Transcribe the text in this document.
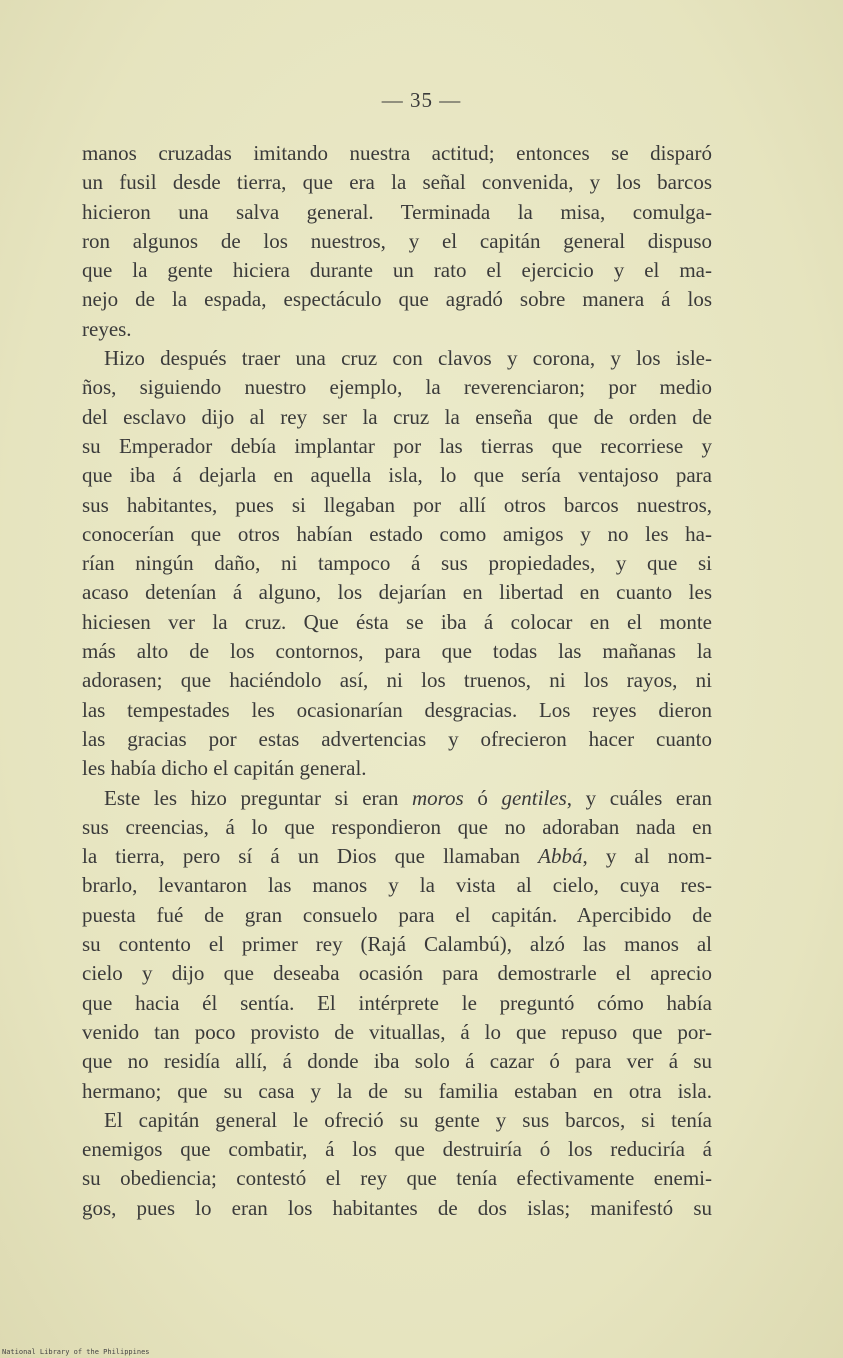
— 35 —
manos cruzadas imitando nuestra actitud; entonces se disparó
un fusil desde tierra, que era la señal convenida, y los barcos
hicieron una salva general. Terminada la misa, comulga-
ron algunos de los nuestros, y el capitán general dispuso
que la gente hiciera durante un rato el ejercicio y el ma-
nejo de la espada, espectáculo que agradó sobre manera á los
reyes.
Hizo después traer una cruz con clavos y corona, y los isle-
ños, siguiendo nuestro ejemplo, la reverenciaron; por medio
del esclavo dijo al rey ser la cruz la enseña que de orden de
su Emperador debía implantar por las tierras que recorriese y
que iba á dejarla en aquella isla, lo que sería ventajoso para
sus habitantes, pues si llegaban por allí otros barcos nuestros,
conocerían que otros habían estado como amigos y no les ha-
rían ningún daño, ni tampoco á sus propiedades, y que si
acaso detenían á alguno, los dejarían en libertad en cuanto les
hiciesen ver la cruz. Que ésta se iba á colocar en el monte
más alto de los contornos, para que todas las mañanas la
adorasen; que haciéndolo así, ni los truenos, ni los rayos, ni
las tempestades les ocasionarían desgracias. Los reyes dieron
las gracias por estas advertencias y ofrecieron hacer cuanto
les había dicho el capitán general.
Este les hizo preguntar si eran moros ó gentiles, y cuáles eran
sus creencias, á lo que respondieron que no adoraban nada en
la tierra, pero sí á un Dios que llamaban Abbá, y al nom-
brarlo, levantaron las manos y la vista al cielo, cuya res-
puesta fué de gran consuelo para el capitán. Apercibido de
su contento el primer rey (Rajá Calambú), alzó las manos al
cielo y dijo que deseaba ocasión para demostrarle el aprecio
que hacia él sentía. El intérprete le preguntó cómo había
venido tan poco provisto de vituallas, á lo que repuso que por-
que no residía allí, á donde iba solo á cazar ó para ver á su
hermano; que su casa y la de su familia estaban en otra isla.
El capitán general le ofreció su gente y sus barcos, si tenía
enemigos que combatir, á los que destruiría ó los reduciría á
su obediencia; contestó el rey que tenía efectivamente enemi-
gos, pues lo eran los habitantes de dos islas; manifestó su
National Library of the Philippines
